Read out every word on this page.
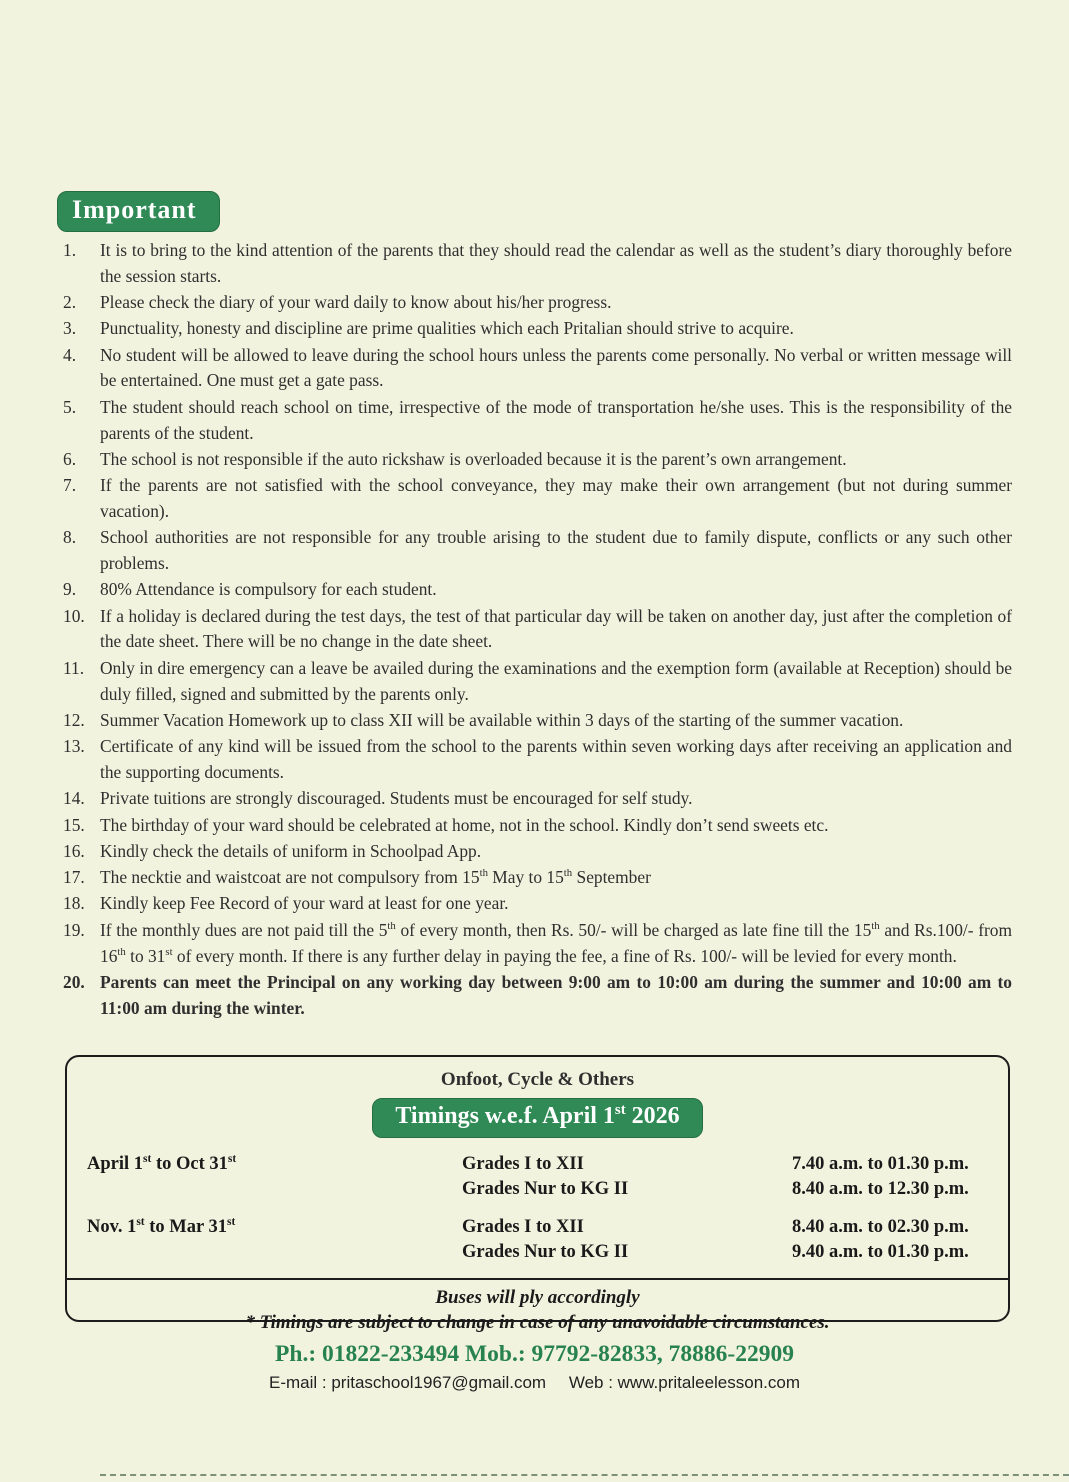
Important
1.	It is to bring to the kind attention of the parents that they should read the calendar as well as the student’s diary thoroughly before the session starts.
2.	Please check the diary of your ward daily to know about his/her progress.
3.	Punctuality, honesty and discipline are prime qualities which each Pritalian should strive to acquire.
4.	No student will be allowed to leave during the school hours unless the parents come personally. No verbal or written message will be entertained. One must get a gate pass.
5.	The student should reach school on time, irrespective of the mode of transportation he/she uses. This is the responsibility of the parents of the student.
6.	The school is not responsible if the auto rickshaw is overloaded because it is the parent’s own arrangement.
7.	If the parents are not satisfied with the school conveyance, they may make their own arrangement (but not during summer vacation).
8.	School authorities are not responsible for any trouble arising to the student due to family dispute, conflicts or any such other problems.
9.	80% Attendance is compulsory for each student.
10. If a holiday is declared during the test days, the test of that particular day will be taken on another day, just after the completion of the date sheet. There will be no change in the date sheet.
11. Only in dire emergency can a leave be availed during the examinations and the exemption form (available at Reception) should be duly filled, signed and submitted by the parents only.
12. Summer Vacation Homework up to class XII will be available within 3 days of the starting of the summer vacation.
13. Certificate of any kind will be issued from the school to the parents within seven working days after receiving an application and the supporting documents.
14. Private tuitions are strongly discouraged. Students must be encouraged for self study.
15. The birthday of your ward should be celebrated at home, not in the school. Kindly don’t send sweets etc.
16. Kindly check the details of uniform in Schoolpad App.
17. The necktie and waistcoat are not compulsory from 15th May to 15th September
18. Kindly keep Fee Record of your ward at least for one year.
19. If the monthly dues are not paid till the 5th of every month, then Rs. 50/- will be charged as late fine till the 15th and Rs.100/- from 16th to 31st of every month. If there is any further delay in paying the fee, a fine of Rs. 100/- will be levied for every month.
20. Parents can meet the Principal on any working day between 9:00 am to 10:00 am during the summer and 10:00 am to 11:00 am during the winter.
Onfoot, Cycle & Others
Timings w.e.f. April 1st 2026
April 1st to Oct 31st	Grades I to XII	7.40 a.m. to 01.30 p.m.
Grades Nur to KG II	8.40 a.m. to 12.30 p.m.
Nov. 1st to Mar 31st	Grades I to XII	8.40 a.m. to 02.30 p.m.
Grades Nur to KG II	9.40 a.m. to 01.30 p.m.
Buses will ply accordingly
* Timings are subject to change in case of any unavoidable circumstances.
Ph.: 01822-233494 Mob.: 97792-82833, 78886-22909
E-mail : pritaschool1967@gmail.com Web : www.pritaleelesson.com
